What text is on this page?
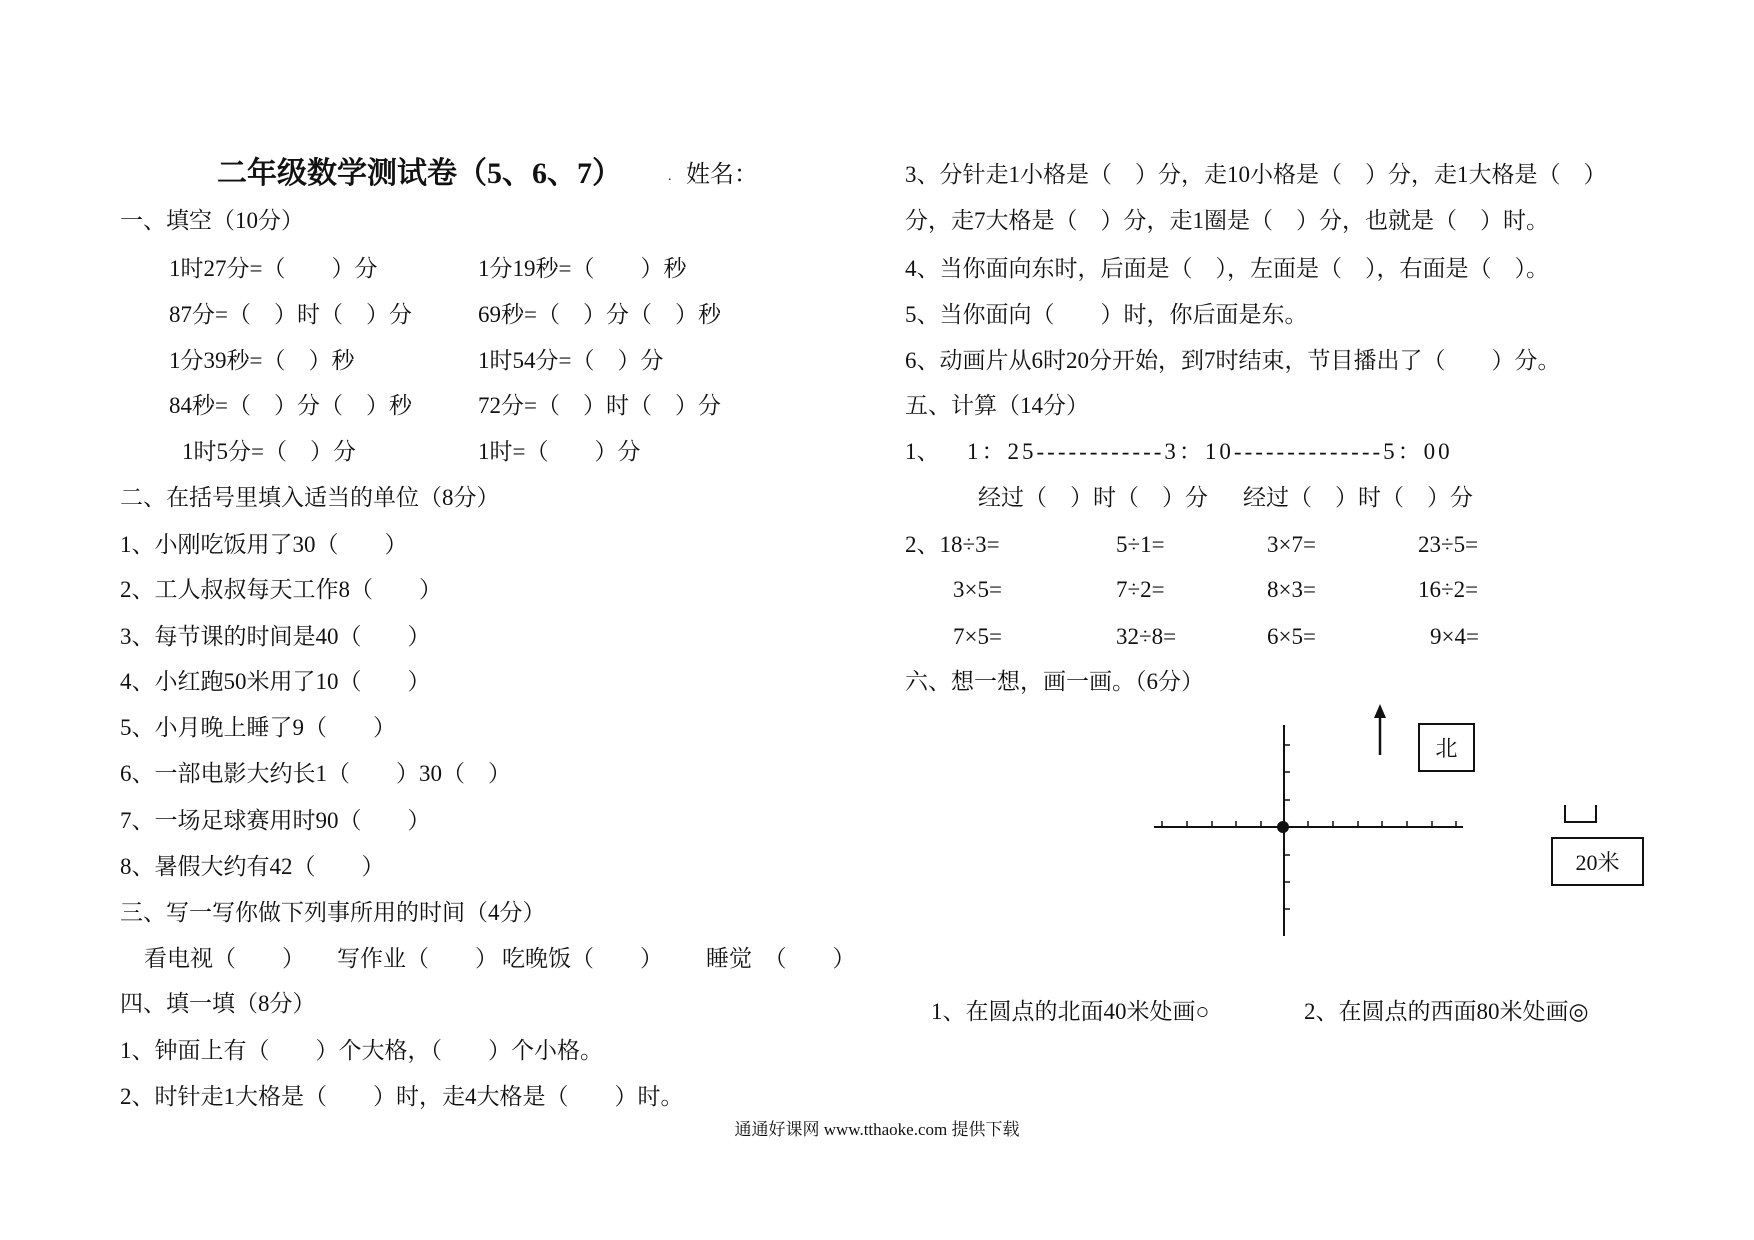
二年级数学测试卷（5、6、7）	. 姓名：
一、填空（10分）
1时27分=（　　）分	1分19秒=（　　）秒
87分=（　）时（　）分	69秒=（　）分（　）秒
1分39秒=（　）秒	1时54分=（　）分
84秒=（　）分（　）秒	72分=（　）时（　）分
1时5分=（　）分	1时=（　　）分
二、在括号里填入适当的单位（8分）
1、小刚吃饭用了30（　　）
2、工人叔叔每天工作8（　　）
3、每节课的时间是40（　　）
4、小红跑50米用了10（　　）
5、小月晚上睡了9（　　）
6、一部电影大约长1（　　）30（　）
7、一场足球赛用时90（　　）
8、暑假大约有42（　　）
三、写一写你做下列事所用的时间（4分）
看电视（　　） 写作业（　　） 吃晚饭（　　） 睡觉　（　　）
四、填一填（8分）
1、钟面上有（　　）个大格，（　　）个小格。
2、时针走1大格是（　　）时，走4大格是（　　）时。
3、分针走1小格是（　）分，走10小格是（　）分，走1大格是（　）
分，走7大格是（　）分，走1圈是（　）分，也就是（　）时。
4、当你面向东时，后面是（　），左面是（　），右面是（　）。
5、当你面向（　　）时，你后面是东。
6、动画片从6时20分开始，到7时结束，节目播出了（　　）分。
五、计算（14分）
1、 1：25------------3：10--------------5：00
经过（　）时（　）分 经过（　）时（　）分
2、18÷3=	5÷1=	3×7=	23÷5=
3×5=	7÷2=	8×3=	16÷2=
7×5=	32÷8=	6×5=	9×4=
六、想一想，画一画。（6分）
北
20米
1、在圆点的北面40米处画○	2、在圆点的西面80米处画◎
通通好课网 www.tthaoke.com 提供下载
